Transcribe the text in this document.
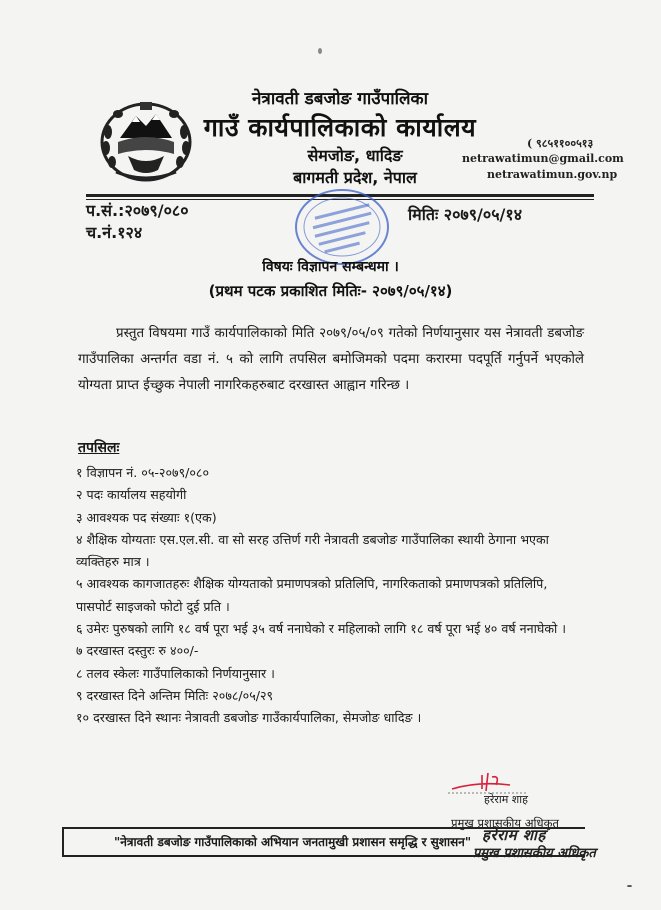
नेत्रावती डबजोङ गाउँपालिका
गाउँ कार्यपालिकाको कार्यालय
सेमजोङ, धादिङ
बागमती प्रदेश, नेपाल
( ९८५११००५१३
netrawatimun@gmail.com
netrawatimun.gov.np
प.सं.:२०७९/०८०
च.नं.१२४
मितिः २०७९/०५/१४
विषयः विज्ञापन सम्बन्धमा ।
(प्रथम पटक प्रकाशित मितिः- २०७९/०५/१४)

प्रस्तुत विषयमा गाउँ कार्यपालिकाको मिति २०७९/०५/०९ गतेको निर्णयानुसार यस नेत्रावती डबजोङ गाउँपालिका अन्तर्गत वडा नं. ५ को लागि तपसिल बमोजिमको पदमा करारमा पदपूर्ति गर्नुपर्ने भएकोले योग्यता प्राप्त ईच्छुक नेपाली नागरिकहरुबाट दरखास्त आह्वान गरिन्छ ।

तपसिलः
१ विज्ञापन नं. ०५-२०७९/०८०
२ पदः कार्यालय सहयोगी
३ आवश्यक पद संख्याः १(एक)
४ शैक्षिक योग्यताः एस.एल.सी. वा सो सरह उत्तिर्ण गरी नेत्रावती डबजोङ गाउँपालिका स्थायी ठेगाना भएका व्यक्तिहरु मात्र ।
५ आवश्यक कागजातहरुः शैक्षिक योग्यताको प्रमाणपत्रको प्रतिलिपि, नागरिकताको प्रमाणपत्रको प्रतिलिपि, पासपोर्ट साइजको फोटो दुई प्रति ।
६ उमेरः पुरुषको लागि १८ वर्ष पूरा भई ३५ वर्ष ननाघेको र महिलाको लागि १८ वर्ष पूरा भई ४० वर्ष ननाघेको ।
७ दरखास्त दस्तुरः रु ४००/-
८ तलव स्केलः गाउँपालिकाको निर्णयानुसार ।
९ दरखास्त दिने अन्तिम मितिः २०७८/०५/२९
१० दरखास्त दिने स्थानः नेत्रावती डबजोङ गाउँकार्यपालिका, सेमजोङ धादिङ ।
हरेराम शाह
प्रमुख प्रशासकीय अधिकृत
"नेत्रावती डबजोङ गाउँपालिकाको अभियान जनतामुखी प्रशासन समृद्धि र सुशासन" हरेराम शाह
प्रमुख प्रशासकीय अधिकृत
